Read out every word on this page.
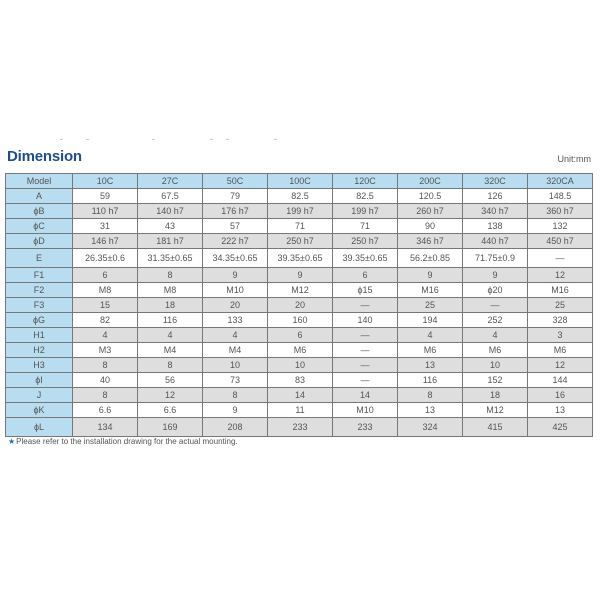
Dimension	Unit:mm
Model	10C	27C	50C	100C	120C	200C	320C	320CA
A	59	67.5	79	82.5	82.5	120.5	126	148.5
ϕB	110 h7	140 h7	176 h7	199 h7	199 h7	260 h7	340 h7	360 h7
ϕC	31	43	57	71	71	90	138	132
ϕD	146 h7	181 h7	222 h7	250 h7	250 h7	346 h7	440 h7	450 h7
E	26.35±0.6	31.35±0.65	34.35±0.65	39.35±0.65	39.35±0.65	56.2±0.85	71.75±0.9	—
F1	6	8	9	9	6	9	9	12
F2	M8	M8	M10	M12	ϕ15	M16	ϕ20	M16
F3	15	18	20	20	—	25	—	25
ϕG	82	116	133	160	140	194	252	328
H1	4	4	4	6	—	4	4	3
H2	M3	M4	M4	M6	—	M6	M6	M6
H3	8	8	10	10	—	13	10	12
ϕI	40	56	73	83	—	116	152	144
J	8	12	8	14	14	8	18	16
ϕK	6.6	6.6	9	11	M10	13	M12	13
ϕL	134	169	208	233	233	324	415	425
★Please refer to the installation drawing for the actual mounting.
